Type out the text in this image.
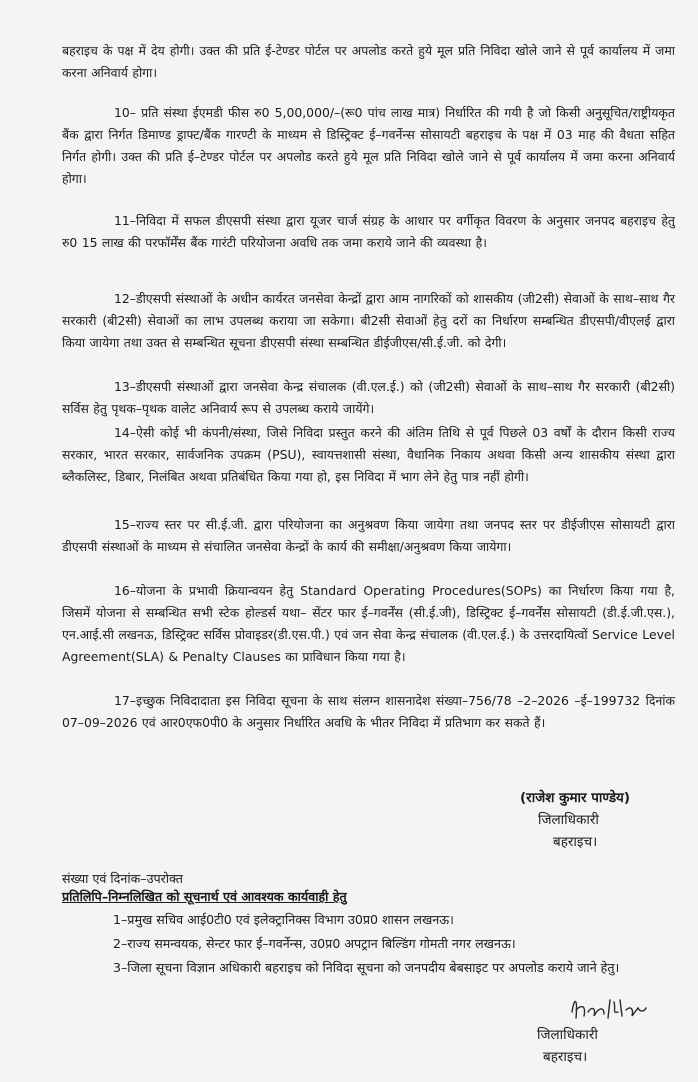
बहराइच के पक्ष में देय होगी। उक्त की प्रति ई-टेण्डर पोर्टल पर अपलोड करते हुये मूल प्रति निविदा खोले जाने से पूर्व कार्यालय में जमा करना अनिवार्य होगा।

10– प्रति संस्था ईएमडी फीस रु0 5,00,000/–(रू0 पांच लाख मात्र) निर्धारित की गयी है जो किसी अनुसूचित/राष्ट्रीयकृत बैंक द्वारा निर्गत डिमाण्ड ड्राफ्ट/बैंक गारण्टी के माध्यम से डिस्ट्रिक्ट ई–गवर्नेन्स सोसायटी बहराइच के पक्ष में 03 माह की वैधता सहित निर्गत होगी। उक्त की प्रति ई–टेण्डर पोर्टल पर अपलोड करते हुये मूल प्रति निविदा खोले जाने से पूर्व कार्यालय में जमा करना अनिवार्य होगा।

11–निविदा में सफल डीएसपी संस्था द्वारा यूजर चार्ज संग्रह के आधार पर वर्गीकृत विवरण के अनुसार जनपद बहराइच हेतु रु0 15 लाख की परफॉर्मेंस बैंक गारंटी परियोजना अवधि तक जमा कराये जाने की व्यवस्था है।

12–डीएसपी संस्थाओं के अधीन कार्यरत जनसेवा केन्द्रों द्वारा आम नागरिकों को शासकीय (जी2सी) सेवाओं के साथ–साथ गैर सरकारी (बी2सी) सेवाओं का लाभ उपलब्ध कराया जा सकेगा। बी2सी सेवाओं हेतु दरों का निर्धारण सम्बन्धित डीएसपी/वीएलई द्वारा किया जायेगा तथा उक्त से सम्बन्धित सूचना डीएसपी संस्था सम्बन्धित डीईजीएस/सी.ई.जी. को देगी।

13–डीएसपी संस्थाओं द्वारा जनसेवा केन्द्र संचालक (वी.एल.ई.) को (जी2सी) सेवाओं के साथ–साथ गैर सरकारी (बी2सी) सर्विस हेतु पृथक–पृथक वालेट अनिवार्य रूप से उपलब्ध कराये जायेंगे।

14–ऐसी कोई भी कंपनी/संस्था, जिसे निविदा प्रस्तुत करने की अंतिम तिथि से पूर्व पिछले 03 वर्षों के दौरान किसी राज्य सरकार, भारत सरकार, सार्वजनिक उपक्रम (PSU), स्वायत्तशासी संस्था, वैधानिक निकाय अथवा किसी अन्य शासकीय संस्था द्वारा ब्लैकलिस्ट, डिबार, निलंबित अथवा प्रतिबंधित किया गया हो, इस निविदा में भाग लेने हेतु पात्र नहीं होगी।

15–राज्य स्तर पर सी.ई.जी. द्वारा परियोजना का अनुश्रवण किया जायेगा तथा जनपद स्तर पर डीईजीएस सोसायटी द्वारा डीएसपी संस्थाओं के माध्यम से संचालित जनसेवा केन्द्रों के कार्य की समीक्षा/अनुश्रवण किया जायेगा।

16–योजना के प्रभावी क्रियान्वयन हेतु Standard Operating Procedures(SOPs) का निर्धारण किया गया है, जिसमें योजना से सम्बन्धित सभी स्टेक होल्डर्स यथा– सेंटर फार ई–गवर्नेंस (सी.ई.जी), डिस्ट्रिक्ट ई–गवर्नेंस सोसायटी (डी.ई.जी.एस.), एन.आई.सी लखनऊ, डिस्ट्रिक्ट सर्विस प्रोवाइडर(डी.एस.पी.) एवं जन सेवा केन्द्र संचालक (वी.एल.ई.) के उत्तरदायित्वों Service Level Agreement(SLA) & Penalty Clauses का प्राविधान किया गया है।

17–इच्छुक निविदादाता इस निविदा सूचना के साथ संलग्न शासनादेश संख्या–756/78 –2–2026 –ई–199732 दिनांक 07–09–2026 एवं आर0एफ0पी0 के अनुसार निर्धारित अवधि के भीतर निविदा में प्रतिभाग कर सकते हैं।

(राजेश कुमार पाण्डेय)
जिलाधिकारी
बहराइच।
संख्या एवं दिनांक–उपरोक्त
प्रतिलिपि–निम्नलिखित को सूचनार्थ एवं आवश्यक कार्यवाही हेतु
1–प्रमुख सचिव आई0टी0 एवं इलेक्ट्रानिक्स विभाग उ0प्र0 शासन लखनऊ।
2–राज्य समन्वयक, सेन्टर फार ई–गवर्नेन्स, उ0प्र0 अपट्रान बिल्डिंग गोमती नगर लखनऊ।
3–जिला सूचना विज्ञान अधिकारी बहराइच को निविदा सूचना को जनपदीय बेबसाइट पर अपलोड कराये जाने हेतु।
जिलाधिकारी
बहराइच।
